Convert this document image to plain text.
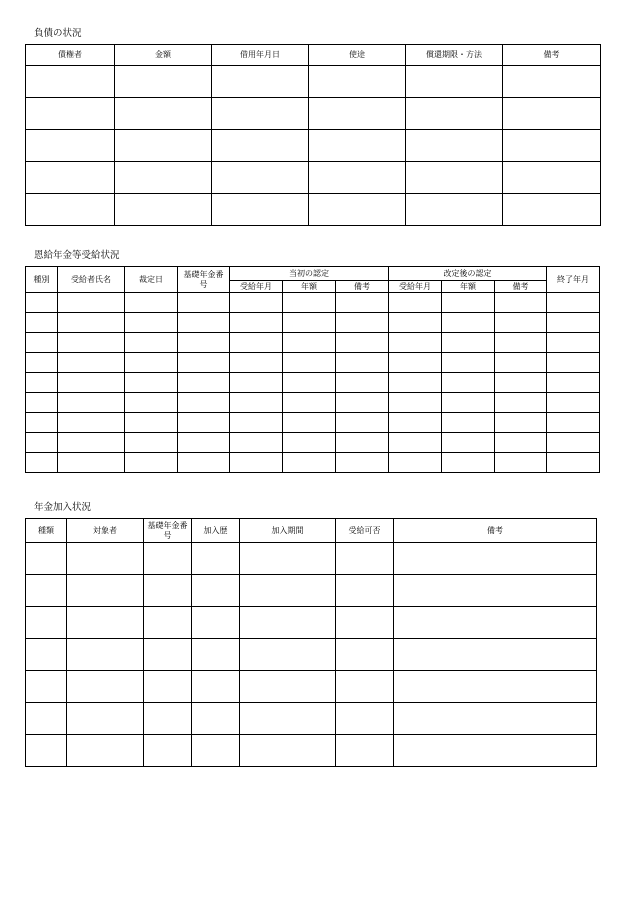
負債の状況
債権者	金額	借用年月日	使途	償還期限・方法	備考

恩給年金等受給状況
種別	受給者氏名	裁定日	基礎年金番号	当初の認定			改定後の認定			終了年月
				受給年月	年額	備考	受給年月	年額	備考	

年金加入状況
種類	対象者	基礎年金番号	加入歴	加入期間	受給可否	備考
